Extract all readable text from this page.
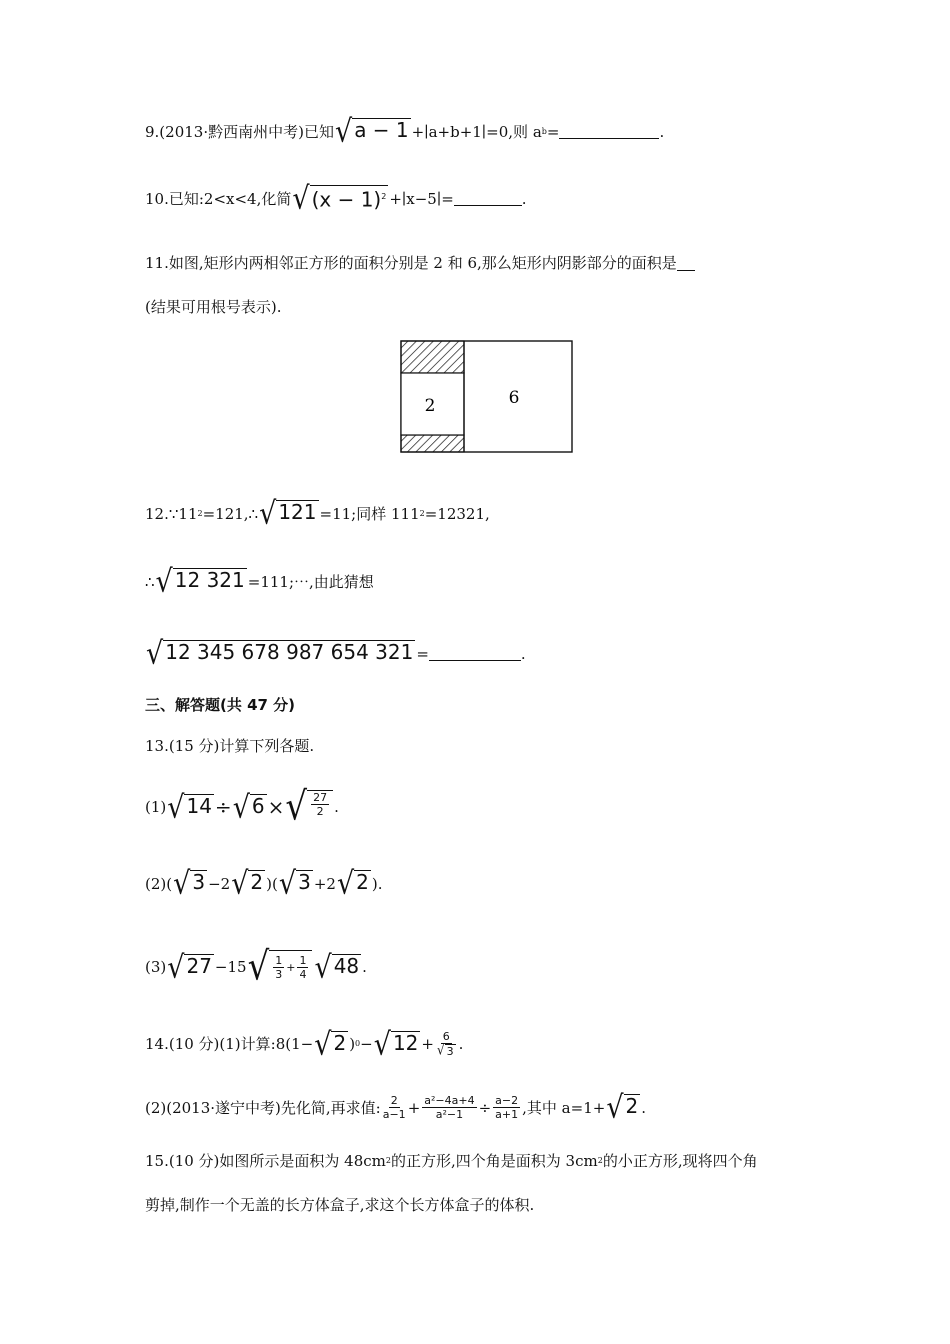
9.(2013·黔西南州中考)已知 √ a − 1 +∣a+b+1∣=0,则 a b =	.
10.已知:2<x<4,化简 √ $(x - 1)^2$ +∣x−5∣=	.
11.如图,矩形内两相邻正方形的面积分别是 2 和 6,那么矩形内阴影部分的面积是
(结果可用根号表示).
2	6
12.∵11 2 =121,∴ √ 121 =11;同样 111 2 =12321,
∴ √ 12 321 =111;⋯,由此猜想
√ 12 345 678 987 654 321 =	.
三、解答题(共 47 分)
13.(15 分)计算下列各题.
(1) √ 14 ÷ √ 6 × √ $\frac{27}{2}$ .
(2) ( √ 3 −2 √ 2 )( √ 3 +2 √ 2 ).
(3) √ 27 −15 √ $\frac{1}{3} + \frac{1}{4}$ √ 48 .
14.(10 分)(1)计算:8(1− √ 2 ) 0 − √ $12 + \frac{6}{√ 3}$ .
(2)(2013·遂宁中考)先化简,再求值: $\frac{2}{a-1} + \frac{\text{a²−4a+4}}{\text{a²−1}} \div \frac{a-2}{a+1}$ ,其中 a=1+ √ 2 .
15.(10 分)如图所示是面积为 48cm 2 的正方形,四个角是面积为 3cm 2 的小正方形,现将四个角
剪掉,制作一个无盖的长方体盒子,求这个长方体盒子的体积.
